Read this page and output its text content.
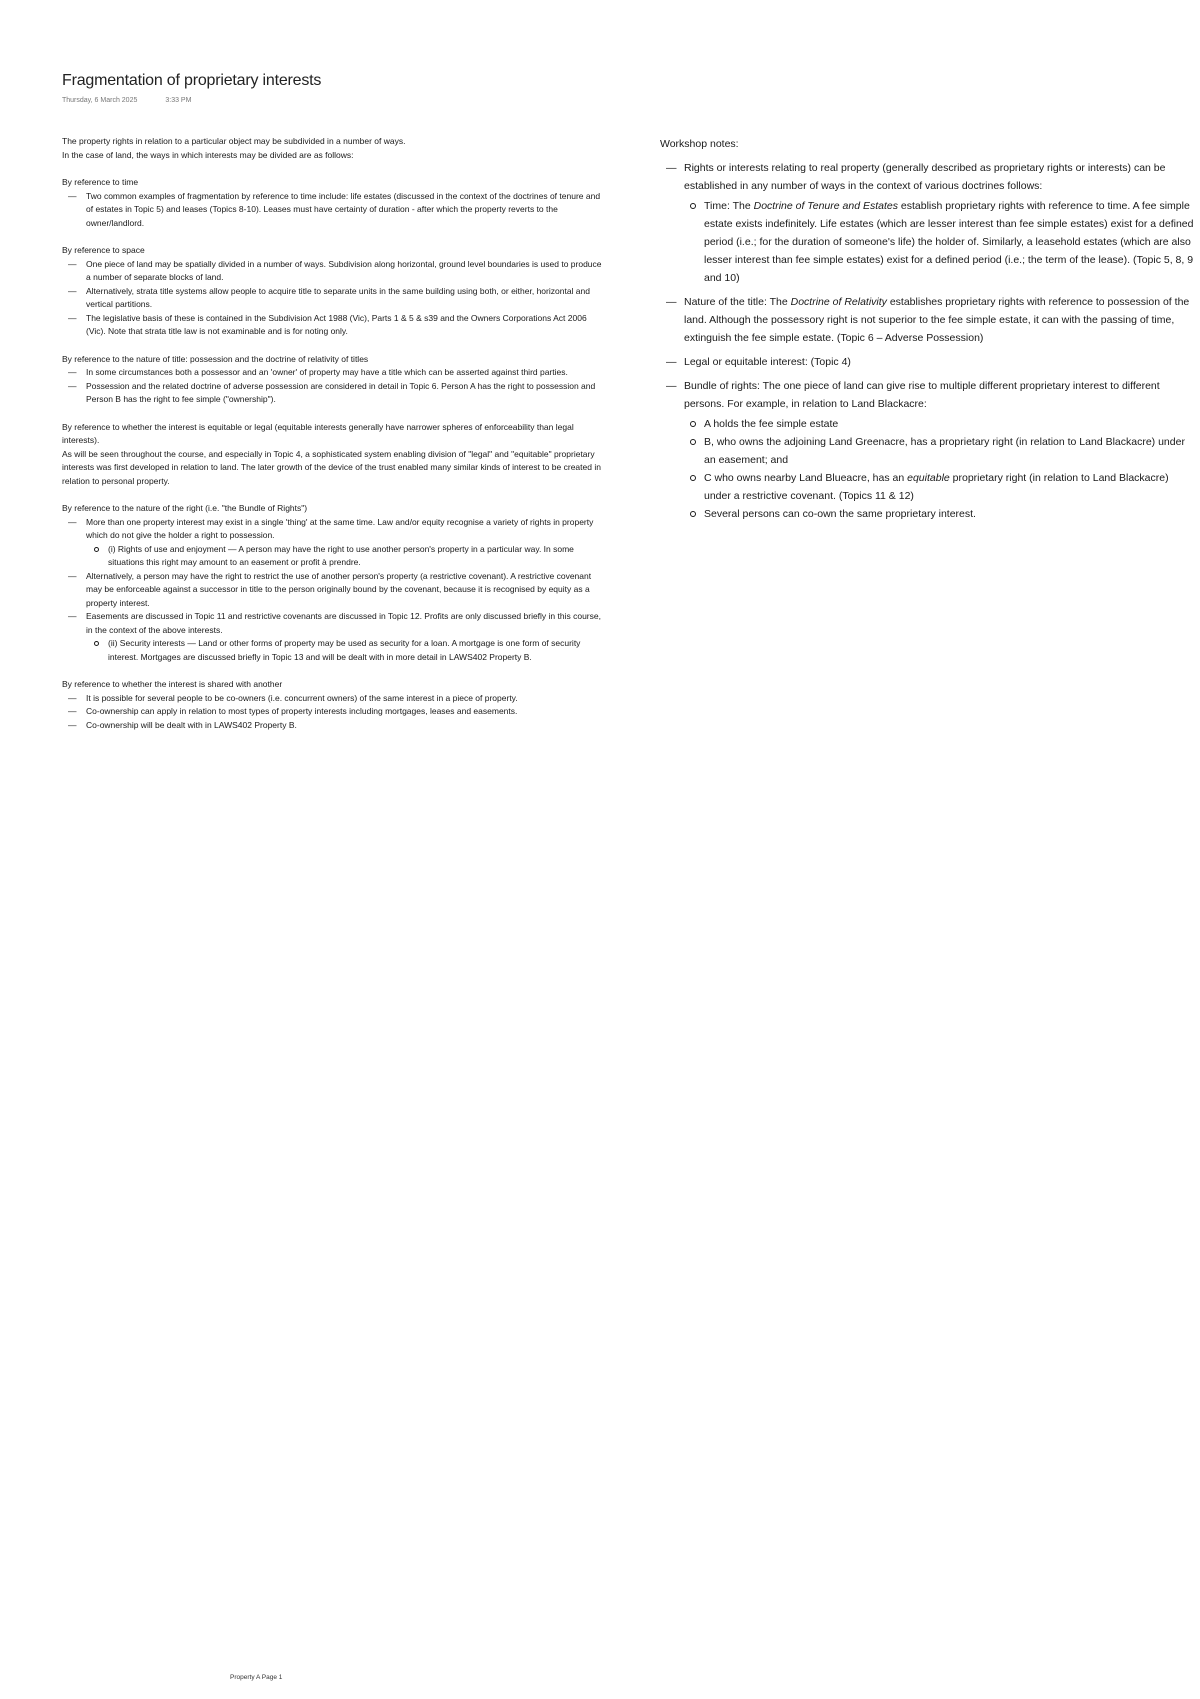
Fragmentation of proprietary interests
Thursday, 6 March 2025	3:33 PM

The property rights in relation to a particular object may be subdivided in a number of ways.

In the case of land, the ways in which interests may be divided are as follows:

By reference to time

— Two common examples of fragmentation by reference to time include: life estates (discussed in the context of the doctrines of tenure and of estates in Topic 5) and leases (Topics 8-10). Leases must have certainty of duration - after which the property reverts to the owner/landlord.

By reference to space

— One piece of land may be spatially divided in a number of ways. Subdivision along horizontal, ground level boundaries is used to produce a number of separate blocks of land.
— Alternatively, strata title systems allow people to acquire title to separate units in the same building using both, or either, horizontal and vertical partitions.
— The legislative basis of these is contained in the Subdivision Act 1988 (Vic), Parts 1 & 5 & s39 and the Owners Corporations Act 2006 (Vic). Note that strata title law is not examinable and is for noting only.

By reference to the nature of title: possession and the doctrine of relativity of titles

— In some circumstances both a possessor and an 'owner' of property may have a title which can be asserted against third parties.
— Possession and the related doctrine of adverse possession are considered in detail in Topic 6. Person A has the right to possession and Person B has the right to fee simple ("ownership").

By reference to whether the interest is equitable or legal (equitable interests generally have narrower spheres of enforceability than legal interests).

As will be seen throughout the course, and especially in Topic 4, a sophisticated system enabling division of "legal" and "equitable" proprietary interests was first developed in relation to land. The later growth of the device of the trust enabled many similar kinds of interest to be created in relation to personal property.

By reference to the nature of the right (i.e. "the Bundle of Rights")

— More than one property interest may exist in a single 'thing' at the same time. Law and/or equity recognise a variety of rights in property which do not give the holder a right to possession.
(i) Rights of use and enjoyment — A person may have the right to use another person's property in a particular way. In some situations this right may amount to an easement or profit à prendre.
— Alternatively, a person may have the right to restrict the use of another person's property (a restrictive covenant). A restrictive covenant may be enforceable against a successor in title to the person originally bound by the covenant, because it is recognised by equity as a property interest.
— Easements are discussed in Topic 11 and restrictive covenants are discussed in Topic 12. Profits are only discussed briefly in this course, in the context of the above interests.
(ii) Security interests — Land or other forms of property may be used as security for a loan. A mortgage is one form of security interest. Mortgages are discussed briefly in Topic 13 and will be dealt with in more detail in LAWS402 Property B.

By reference to whether the interest is shared with another

— It is possible for several people to be co-owners (i.e. concurrent owners) of the same interest in a piece of property.
— Co-ownership can apply in relation to most types of property interests including mortgages, leases and easements.
— Co-ownership will be dealt with in LAWS402 Property B.

Workshop notes:

— Rights or interests relating to real property (generally described as proprietary rights or interests) can be established in any number of ways in the context of various doctrines follows:
Time: The Doctrine of Tenure and Estates establish proprietary rights with reference to time. A fee simple estate exists indefinitely. Life estates (which are lesser interest than fee simple estates) exist for a defined period (i.e.; for the duration of someone's life) the holder of. Similarly, a leasehold estates (which are also lesser interest than fee simple estates) exist for a defined period (i.e.; the term of the lease). (Topic 5, 8, 9 and 10)
— Nature of the title: The Doctrine of Relativity establishes proprietary rights with reference to possession of the land. Although the possessory right is not superior to the fee simple estate, it can with the passing of time, extinguish the fee simple estate. (Topic 6 – Adverse Possession)
— Legal or equitable interest: (Topic 4)
— Bundle of rights: The one piece of land can give rise to multiple different proprietary interest to different persons. For example, in relation to Land Blackacre:
A holds the fee simple estate
B, who owns the adjoining Land Greenacre, has a proprietary right (in relation to Land Blackacre) under an easement; and
C who owns nearby Land Blueacre, has an equitable proprietary right (in relation to Land Blackacre) under a restrictive covenant. (Topics 11 & 12)
Several persons can co-own the same proprietary interest.
Property A Page 1
